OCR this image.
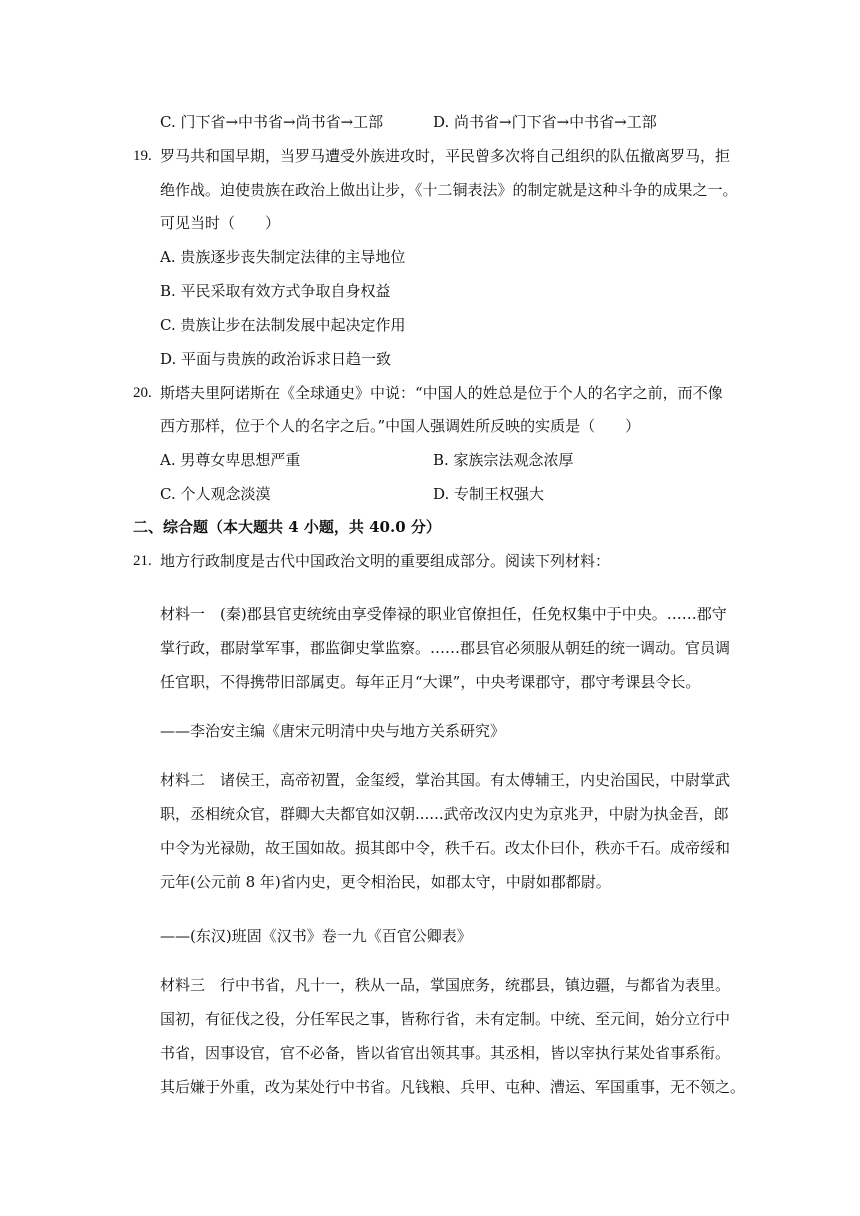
C. 门下省→中书省→尚书省→工部	D. 尚书省→门下省→中书省→工部
19. 罗马共和国早期，当罗马遭受外族进攻时，平民曾多次将自己组织的队伍撤离罗马，拒
绝作战。迫使贵族在政治上做出让步，《十二铜表法》的制定就是这种斗争的成果之一。
可见当时（　　）
A. 贵族逐步丧失制定法律的主导地位
B. 平民采取有效方式争取自身权益
C. 贵族让步在法制发展中起决定作用
D. 平面与贵族的政治诉求日趋一致
20. 斯塔夫里阿诺斯在《全球通史》中说：“中国人的姓总是位于个人的名字之前，而不像
西方那样，位于个人的名字之后。”中国人强调姓所反映的实质是（　　）
A. 男尊女卑思想严重	B. 家族宗法观念浓厚
C. 个人观念淡漠	D. 专制王权强大
二、综合题（本大题共 4 小题，共 40.0 分）
21. 地方行政制度是古代中国政治文明的重要组成部分。阅读下列材料：
材料一　(秦)郡县官吏统统由享受俸禄的职业官僚担任，任免权集中于中央。……郡守
掌行政，郡尉掌军事，郡监御史掌监察。……郡县官必须服从朝廷的统一调动。官员调
任官职，不得携带旧部属吏。每年正月“大课”，中央考课郡守，郡守考课县令长。
——李治安主编《唐宋元明清中央与地方关系研究》
材料二　诸侯王，高帝初置，金玺绶，掌治其国。有太傅辅王，内史治国民，中尉掌武
职，丞相统众官，群卿大夫都官如汉朝......武帝改汉内史为京兆尹，中尉为执金吾，郎
中令为光禄勋，故王国如故。损其郎中令，秩千石。改太仆曰仆，秩亦千石。成帝绥和
元年(公元前 8 年)省内史，更令相治民，如郡太守，中尉如郡都尉。
——(东汉)班固《汉书》卷一九《百官公卿表》
材料三　行中书省，凡十一，秩从一品，掌国庶务，统郡县，镇边疆，与都省为表里。
国初，有征伐之役，分任军民之事，皆称行省，未有定制。中统、至元间，始分立行中
书省，因事设官，官不必备，皆以省官出领其事。其丞相，皆以宰执行某处省事系衔。
其后嫌于外重，改为某处行中书省。凡钱粮、兵甲、屯种、漕运、军国重事，无不领之。
